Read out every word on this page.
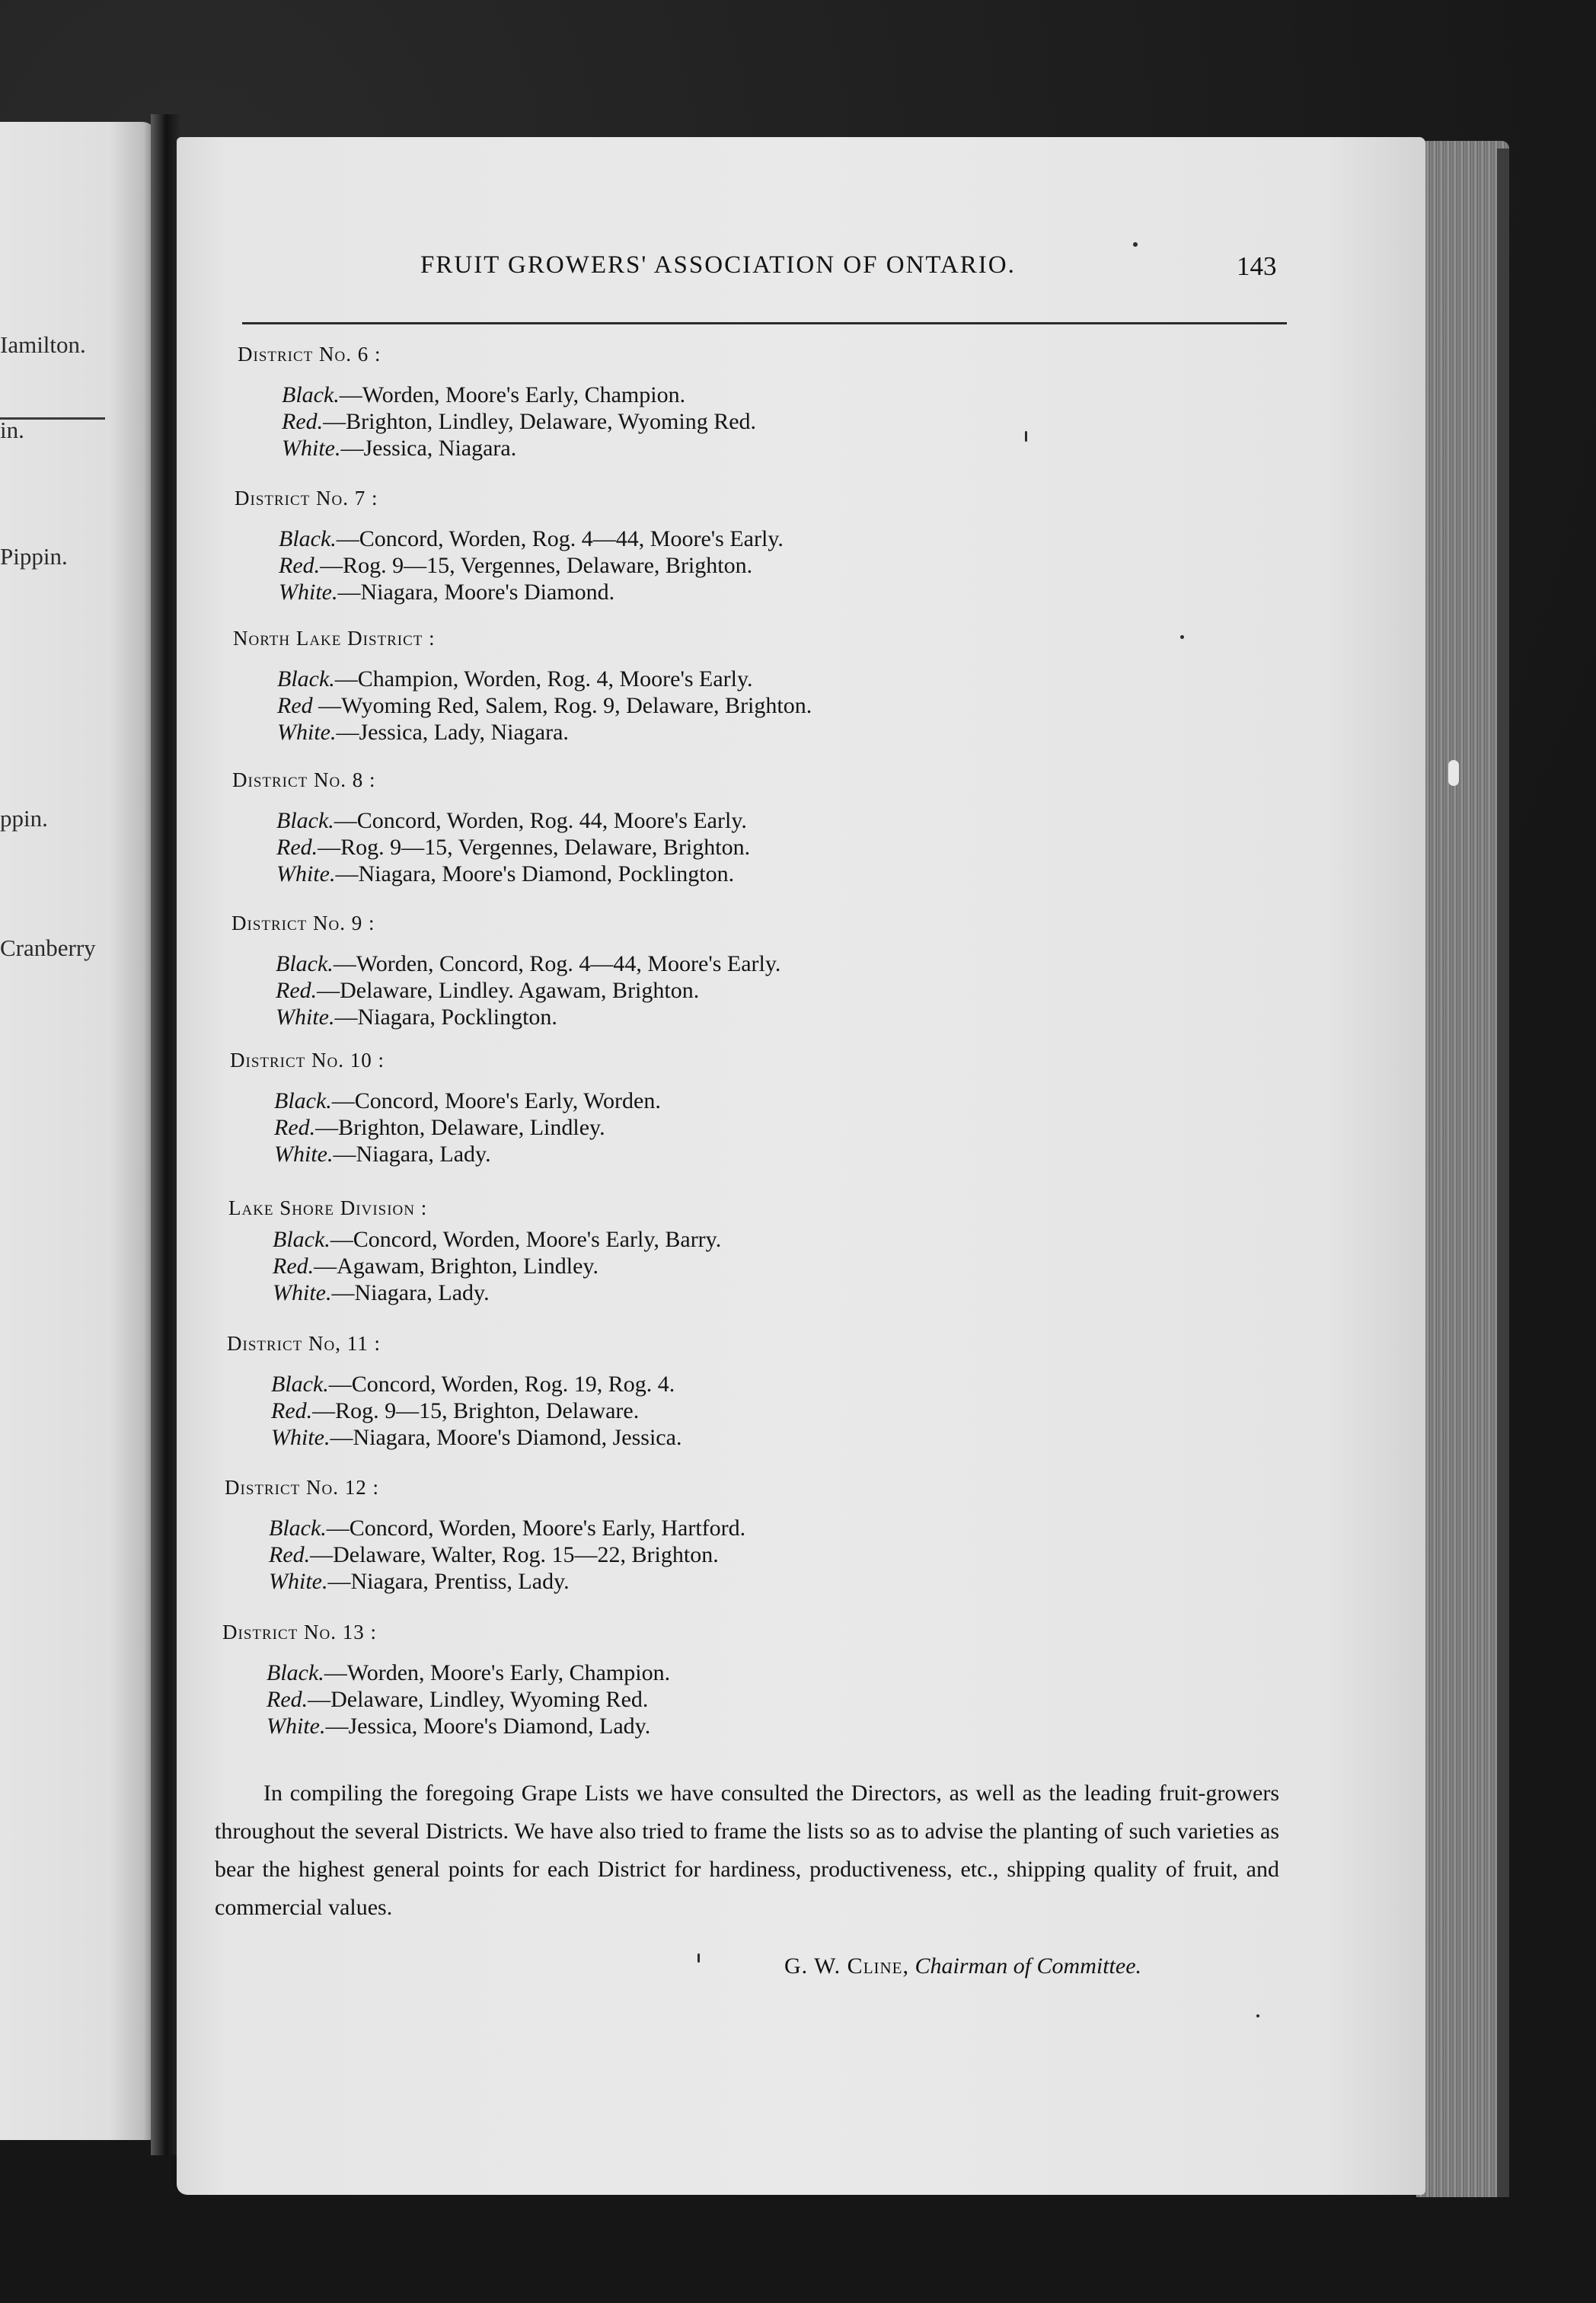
Iamilton.
in.
Pippin.
ppin.
Cranberry
FRUIT GROWERS' ASSOCIATION OF ONTARIO.	143
District No. 6 :
Black.—Worden, Moore's Early, Champion.
Red.—Brighton, Lindley, Delaware, Wyoming Red.
White.—Jessica, Niagara.
District No. 7 :
Black.—Concord, Worden, Rog. 4—44, Moore's Early.
Red.—Rog. 9—15, Vergennes, Delaware, Brighton.
White.—Niagara, Moore's Diamond.
North Lake District :
Black.—Champion, Worden, Rog. 4, Moore's Early.
Red —Wyoming Red, Salem, Rog. 9, Delaware, Brighton.
White.—Jessica, Lady, Niagara.
District No. 8 :
Black.—Concord, Worden, Rog. 44, Moore's Early.
Red.—Rog. 9—15, Vergennes, Delaware, Brighton.
White.—Niagara, Moore's Diamond, Pocklington.
District No. 9 :
Black.—Worden, Concord, Rog. 4—44, Moore's Early.
Red.—Delaware, Lindley. Agawam, Brighton.
White.—Niagara, Pocklington.
District No. 10 :
Black.—Concord, Moore's Early, Worden.
Red.—Brighton, Delaware, Lindley.
White.—Niagara, Lady.
Lake Shore Division :
Black.—Concord, Worden, Moore's Early, Barry.
Red.—Agawam, Brighton, Lindley.
White.—Niagara, Lady.
District No, 11 :
Black.—Concord, Worden, Rog. 19, Rog. 4.
Red.—Rog. 9—15, Brighton, Delaware.
White.—Niagara, Moore's Diamond, Jessica.
District No. 12 :
Black.—Concord, Worden, Moore's Early, Hartford.
Red.—Delaware, Walter, Rog. 15—22, Brighton.
White.—Niagara, Prentiss, Lady.
District No. 13 :
Black.—Worden, Moore's Early, Champion.
Red.—Delaware, Lindley, Wyoming Red.
White.—Jessica, Moore's Diamond, Lady.
In compiling the foregoing Grape Lists we have consulted the Directors, as well as the leading fruit-growers throughout the several Districts. We have also tried to frame the lists so as to advise the planting of such varieties as bear the highest general points for each District for hardiness, productiveness, etc., shipping quality of fruit, and commercial values.
G. W. Cline, Chairman of Committee.
